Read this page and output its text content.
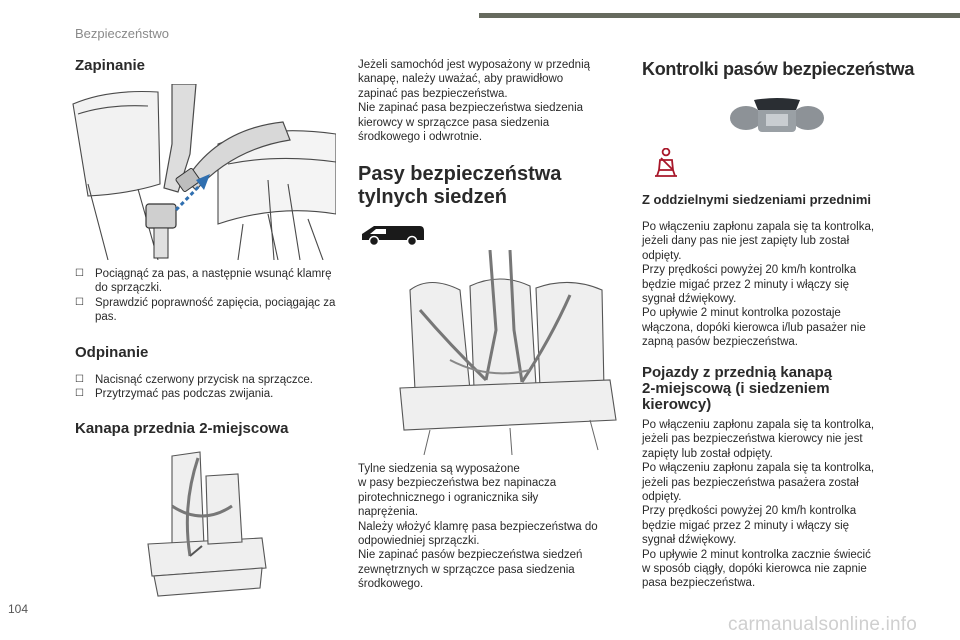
Bezpieczeństwo
Zapinanie

☐ Pociągnąć za pas, a następnie wsunąć klamrę do sprzączki.

☐ Sprawdzić poprawność zapięcia, pociągając za pas.

Odpinanie

☐ Nacisnąć czerwony przycisk na sprzączce.

☐ Przytrzymać pas podczas zwijania.

Kanapa przednia 2-miejscowa
Jeżeli samochód jest wyposażony w przednią
kanapę, należy uważać, aby prawidłowo
zapinać pas bezpieczeństwa.
Nie zapinać pasa bezpieczeństwa siedzenia
kierowcy w sprzączce pasa siedzenia
środkowego i odwrotnie.
Pasy bezpieczeństwa
tylnych siedzeń
Tylne siedzenia są wyposażone
w pasy bezpieczeństwa bez napinacza
pirotechnicznego i ogranicznika siły
naprężenia.
Należy włożyć klamrę pasa bezpieczeństwa do
odpowiedniej sprzączki.
Nie zapinać pasów bezpieczeństwa siedzeń
zewnętrznych w sprzączce pasa siedzenia
środkowego.
Kontrolki pasów bezpieczeństwa
Z oddzielnymi siedzeniami przednimi
Po włączeniu zapłonu zapala się ta kontrolka,
jeżeli dany pas nie jest zapięty lub został
odpięty.
Przy prędkości powyżej 20 km/h kontrolka
będzie migać przez 2 minuty i włączy się
sygnał dźwiękowy.
Po upływie 2 minut kontrolka pozostaje
włączona, dopóki kierowca i/lub pasażer nie
zapną pasów bezpieczeństwa.
Pojazdy z przednią kanapą
2-miejscową (i siedzeniem
kierowcy)
Po włączeniu zapłonu zapala się ta kontrolka,
jeżeli pas bezpieczeństwa kierowcy nie jest
zapięty lub został odpięty.
Po włączeniu zapłonu zapala się ta kontrolka,
jeżeli pas bezpieczeństwa pasażera został
odpięty.
Przy prędkości powyżej 20 km/h kontrolka
będzie migać przez 2 minuty i włączy się
sygnał dźwiękowy.
Po upływie 2 minut kontrolka zacznie świecić
w sposób ciągły, dopóki kierowca nie zapnie
pasa bezpieczeństwa.
104
carmanualsonline.info
